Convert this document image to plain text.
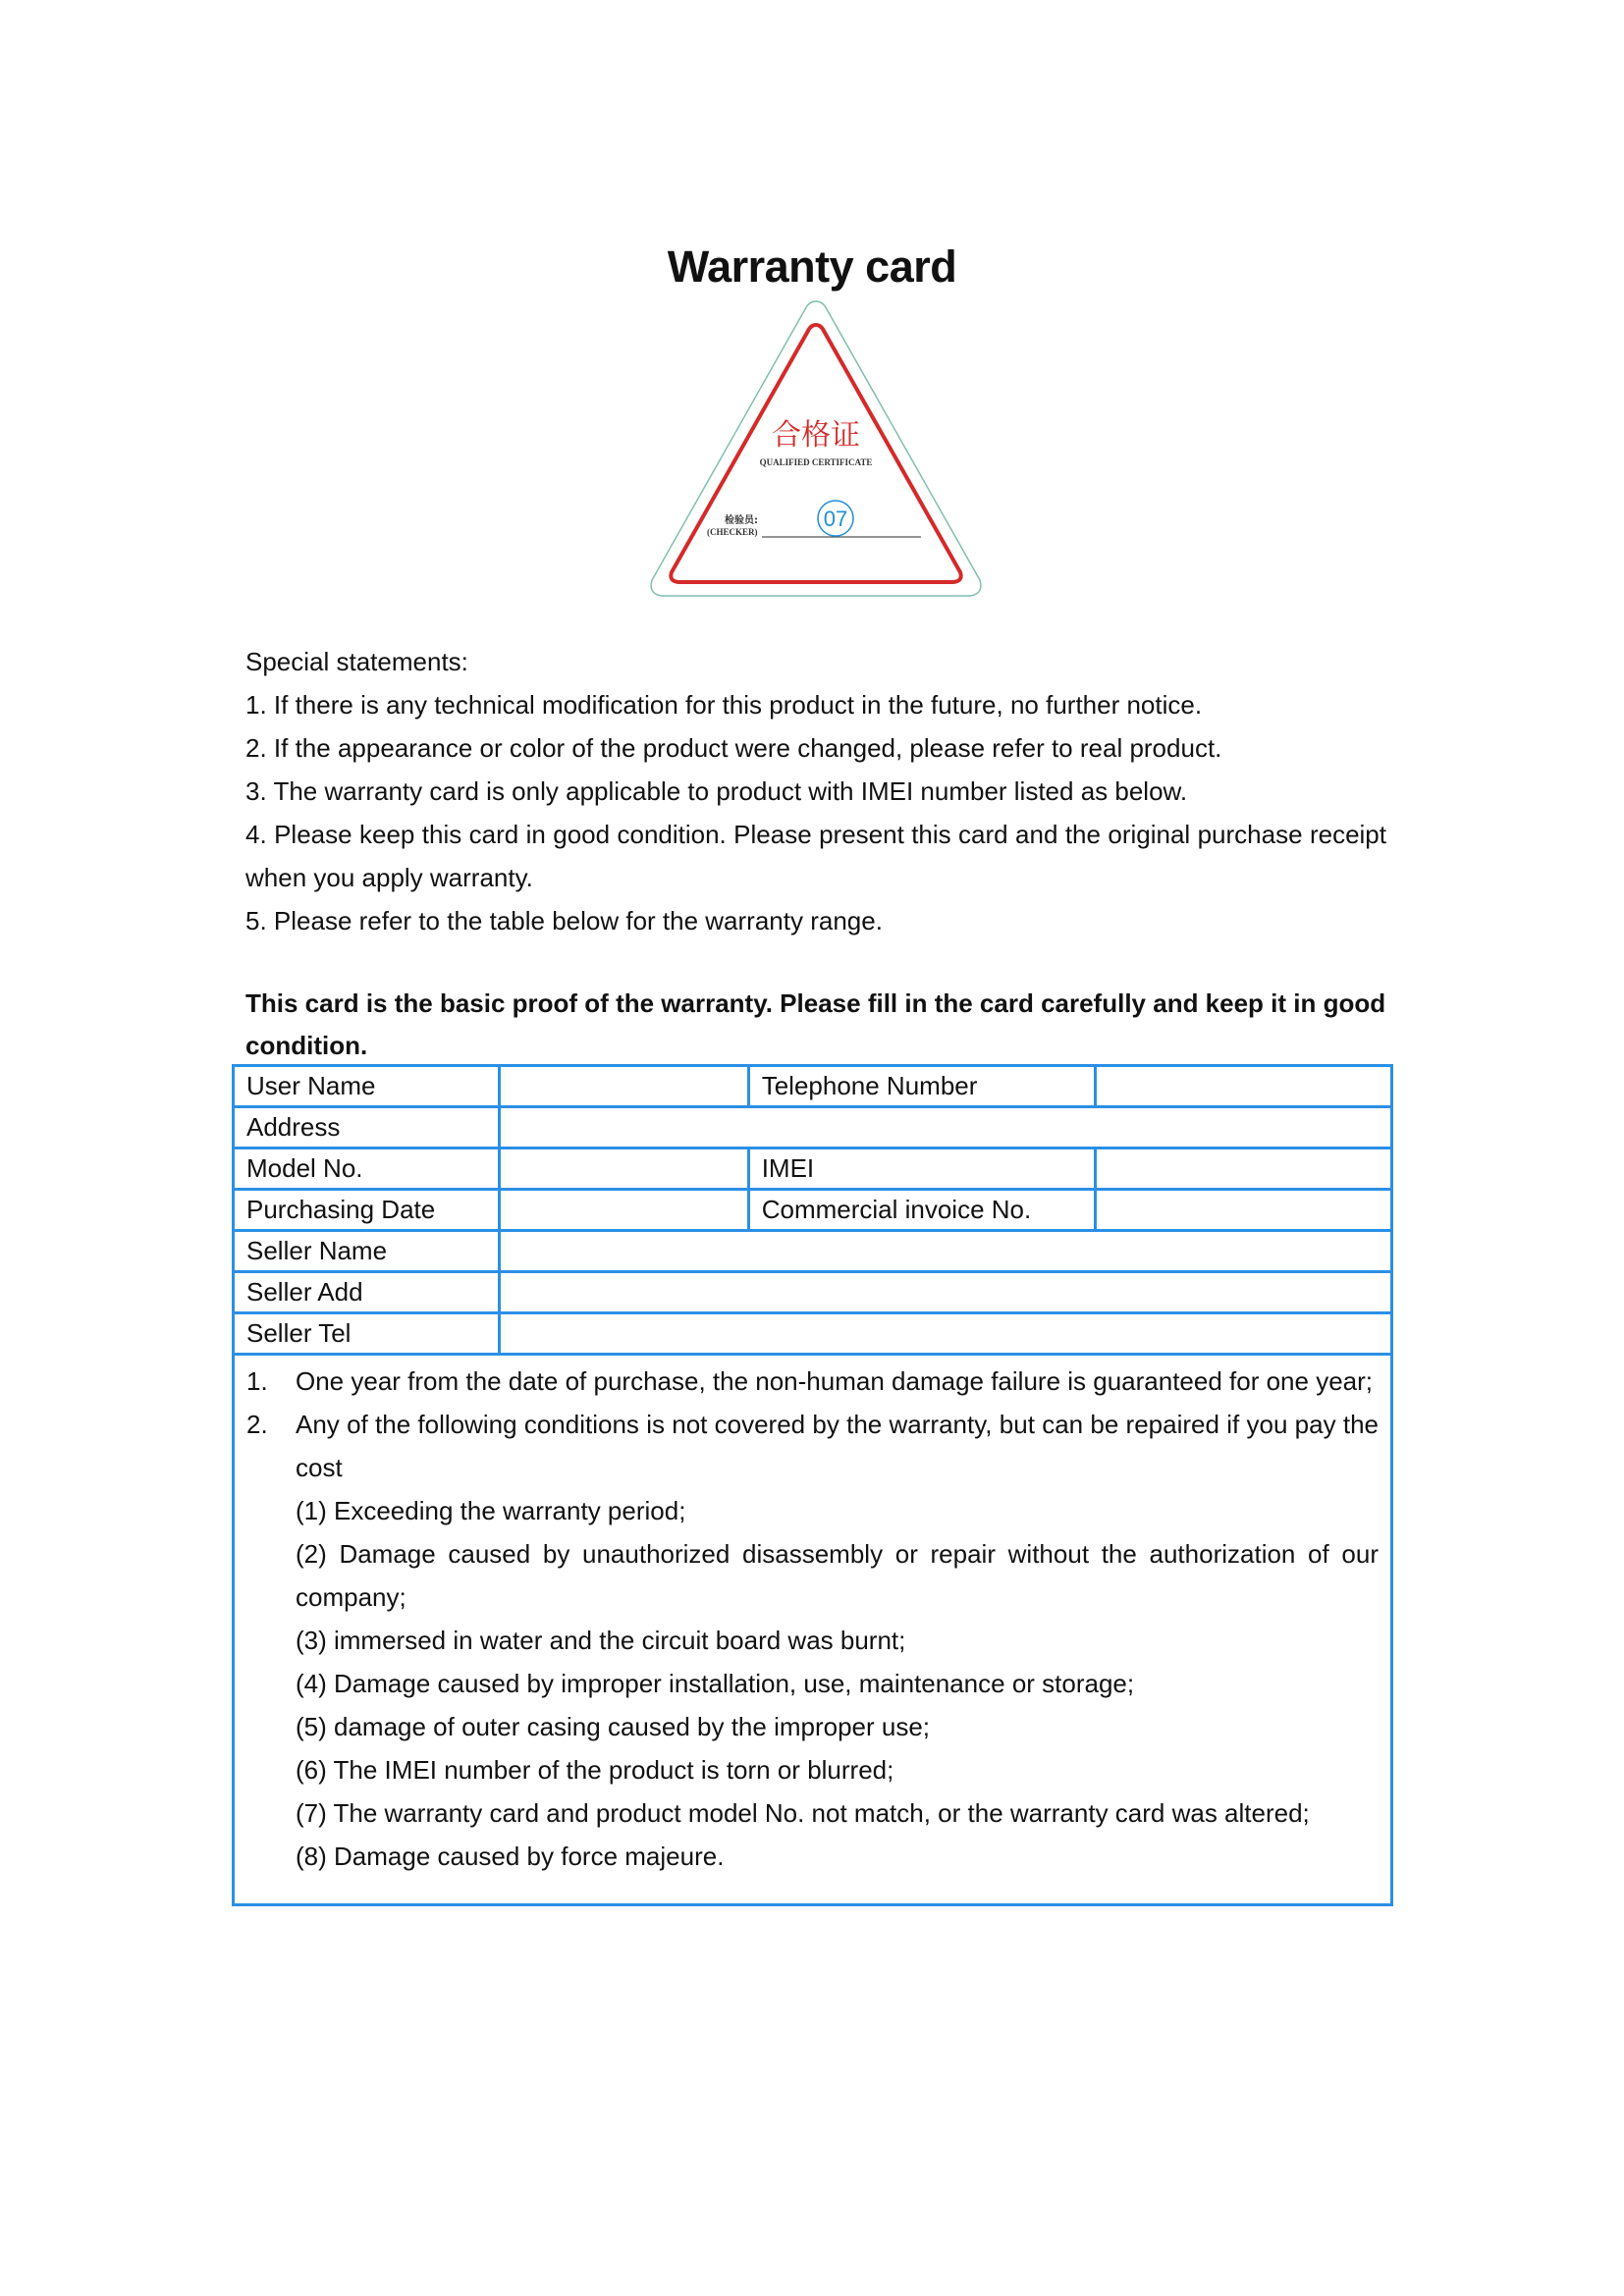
Warranty card
合格证
QUALIFIED CERTIFICATE
检验员:
(CHECKER)
07
Special statements:
1. If there is any technical modification for this product in the future, no further notice.
2. If the appearance or color of the product were changed, please refer to real product.
3. The warranty card is only applicable to product with IMEI number listed as below.
4. Please keep this card in good condition. Please present this card and the original purchase receipt when you apply warranty.
5. Please refer to the table below for the warranty range.
This card is the basic proof of the warranty. Please fill in the card carefully and keep it in good condition.
User Name		Telephone Number	
Address			
Model No.		IMEI	
Purchasing Date		Commercial invoice No.	
Seller Name			
Seller Add			
Seller Tel			

1.	One year from the date of purchase, the non-human damage failure is guaranteed for one year;
2.	Any of the following conditions is not covered by the warranty, but can be repaired if you pay the cost
(1) Exceeding the warranty period;
(2) Damage caused by unauthorized disassembly or repair without the authorization of our company;
(3) immersed in water and the circuit board was burnt;
(4) Damage caused by improper installation, use, maintenance or storage;
(5) damage of outer casing caused by the improper use;
(6) The IMEI number of the product is torn or blurred;
(7) The warranty card and product model No. not match, or the warranty card was altered;
(8) Damage caused by force majeure.
